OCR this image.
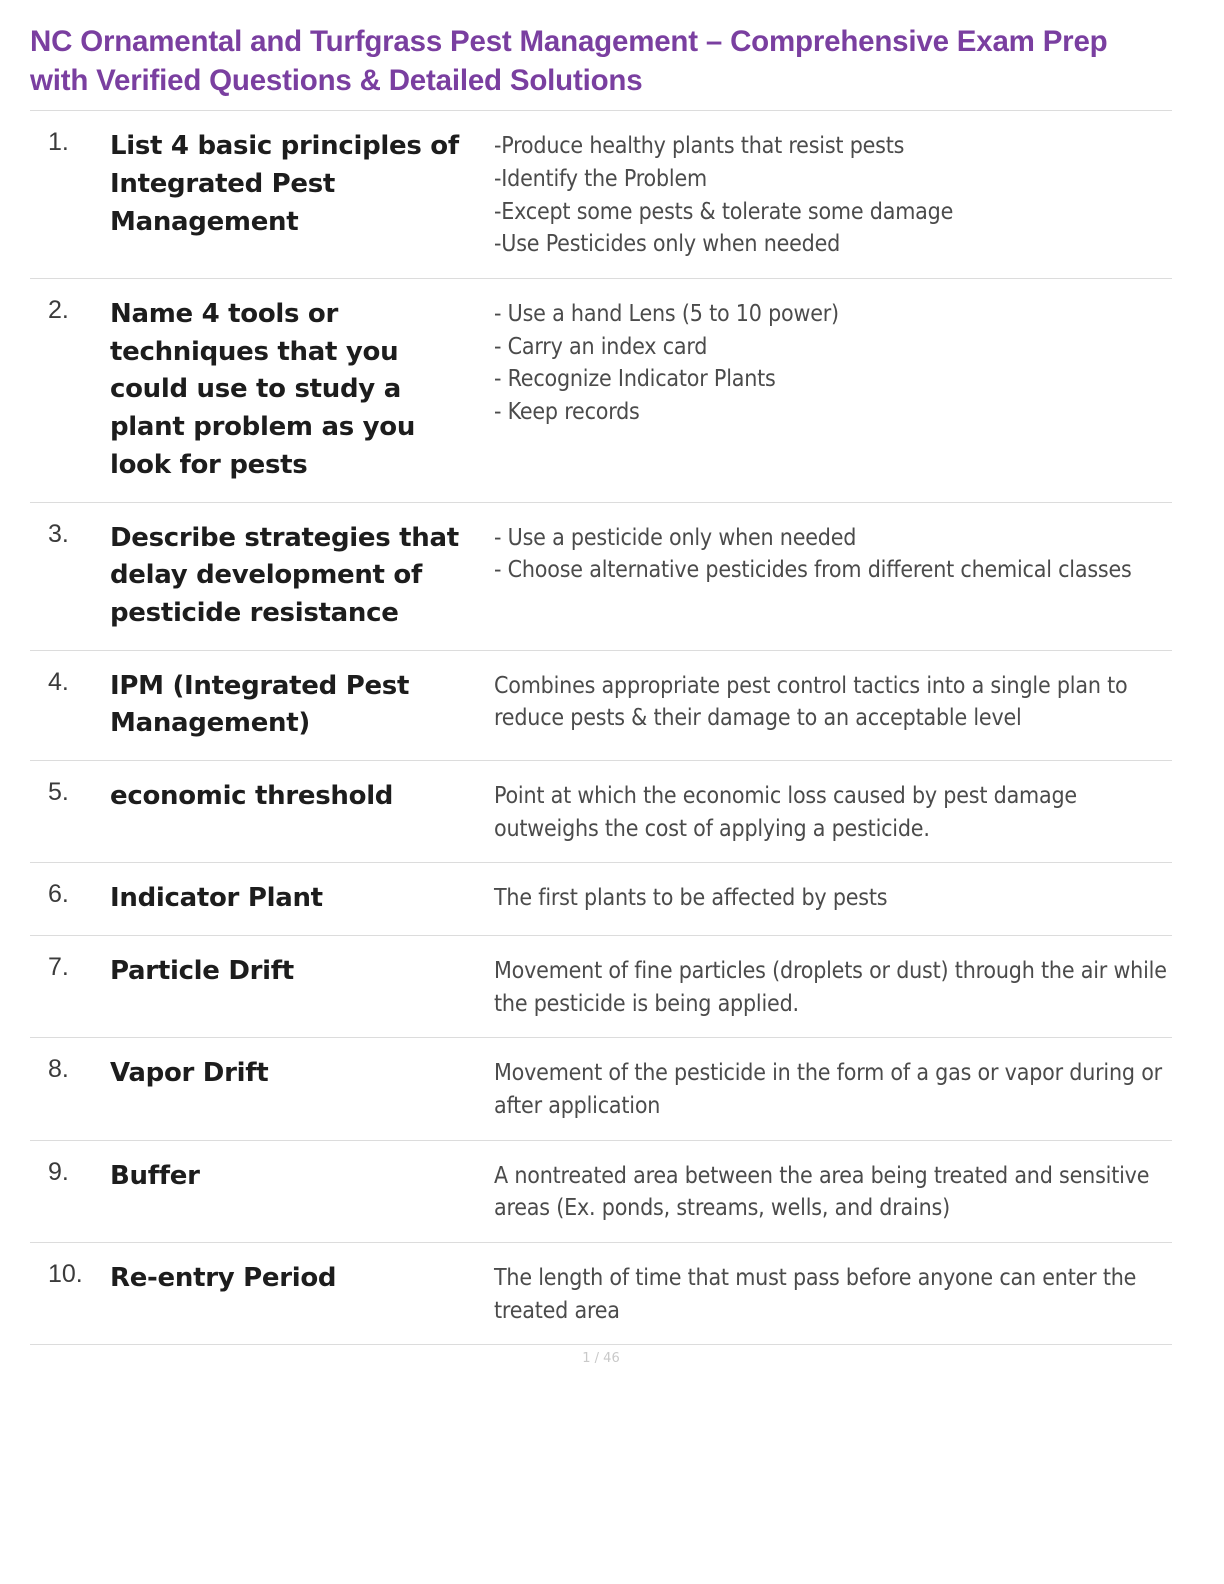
NC Ornamental and Turfgrass Pest Management – Comprehensive Exam Prep with Verified Questions & Detailed Solutions
1.	List 4 basic principles of Integrated Pest Management	-Produce healthy plants that resist pests
-Identify the Problem
-Except some pests & tolerate some damage
-Use Pesticides only when needed

2.	Name 4 tools or techniques that you could use to study a plant problem as you look for pests	- Use a hand Lens (5 to 10 power)
- Carry an index card
- Recognize Indicator Plants
- Keep records

3.	Describe strategies that delay development of pesticide resistance	- Use a pesticide only when needed
- Choose alternative pesticides from different chemical classes

4.	IPM (Integrated Pest Management)	Combines appropriate pest control tactics into a single plan to reduce pests & their damage to an acceptable level

5.	economic threshold	Point at which the economic loss caused by pest damage outweighs the cost of applying a pesticide.

6.	Indicator Plant	The first plants to be affected by pests

7.	Particle Drift	Movement of fine particles (droplets or dust) through the air while the pesticide is being applied.

8.	Vapor Drift	Movement of the pesticide in the form of a gas or vapor during or after application

9.	Buffer	A nontreated area between the area being treated and sensitive areas (Ex. ponds, streams, wells, and drains)

10.	Re-entry Period	The length of time that must pass before anyone can enter the treated area
1 / 46
